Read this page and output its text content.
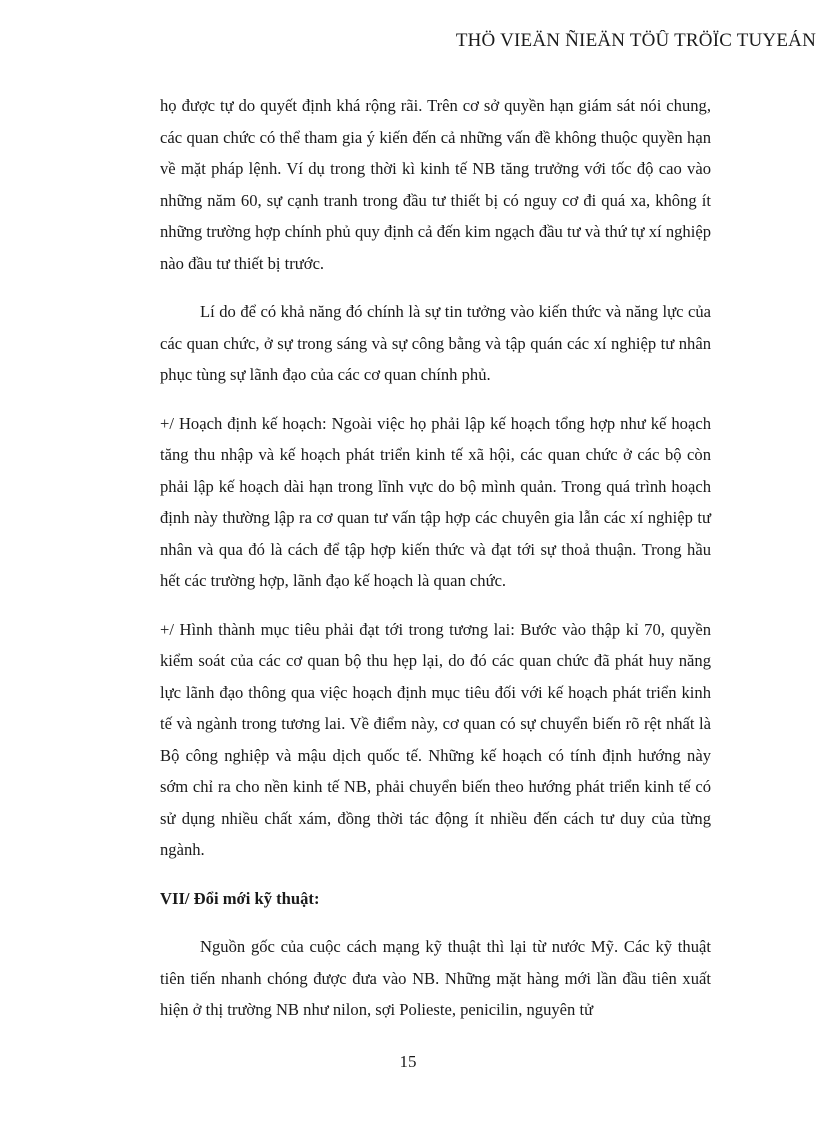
THÖ VIEÄN ÑIEÄN TÖÛ TRÖÏC TUYEÁN

họ được tự do quyết định khá rộng rãi. Trên cơ sở quyền hạn giám sát nói chung, các quan chức có thể tham gia ý kiến đến cả những vấn đề không thuộc quyền hạn về mặt pháp lệnh. Ví dụ trong thời kì kinh tế NB tăng trưởng với tốc độ cao vào những năm 60, sự cạnh tranh trong đầu tư thiết bị có nguy cơ đi quá xa, không ít những trường hợp chính phủ quy định cả đến kim ngạch đầu tư và thứ tự xí nghiệp nào đầu tư thiết bị trước.

Lí do để có khả năng đó chính là sự tin tưởng vào kiến thức và năng lực của các quan chức, ở sự trong sáng và sự công bằng và tập quán các xí nghiệp tư nhân phục tùng sự lãnh đạo của các cơ quan chính phủ.

+/ Hoạch định kế hoạch: Ngoài việc họ phải lập kế hoạch tổng hợp như kế hoạch tăng thu nhập và kế hoạch phát triển kinh tế xã hội, các quan chức ở các bộ còn phải lập kế hoạch dài hạn trong lĩnh vực do bộ mình quản. Trong quá trình hoạch định này thường lập ra cơ quan tư vấn tập hợp các chuyên gia lẫn các xí nghiệp tư nhân và qua đó là cách để tập hợp kiến thức và đạt tới sự thoả thuận. Trong hầu hết các trường hợp, lãnh đạo kế hoạch là quan chức.

+/ Hình thành mục tiêu phải đạt tới trong tương lai: Bước vào thập kỉ 70, quyền kiểm soát của các cơ quan bộ thu hẹp lại, do đó các quan chức đã phát huy năng lực lãnh đạo thông qua việc hoạch định mục tiêu đối với kế hoạch phát triển kinh tế và ngành trong tương lai. Về điểm này, cơ quan có sự chuyển biến rõ rệt nhất là Bộ công nghiệp và mậu dịch quốc tế. Những kế hoạch có tính định hướng này sớm chỉ ra cho nền kinh tế NB, phải chuyển biến theo hướng phát triển kinh tế có sử dụng nhiều chất xám, đồng thời tác động ít nhiều đến cách tư duy của từng ngành.

VII/ Đổi mới kỹ thuật:

Nguồn gốc của cuộc cách mạng kỹ thuật thì lại từ nước Mỹ. Các kỹ thuật tiên tiến nhanh chóng được đưa vào NB. Những mặt hàng mới lần đầu tiên xuất hiện ở thị trường NB như nilon, sợi Polieste, penicilin, nguyên tử

15
